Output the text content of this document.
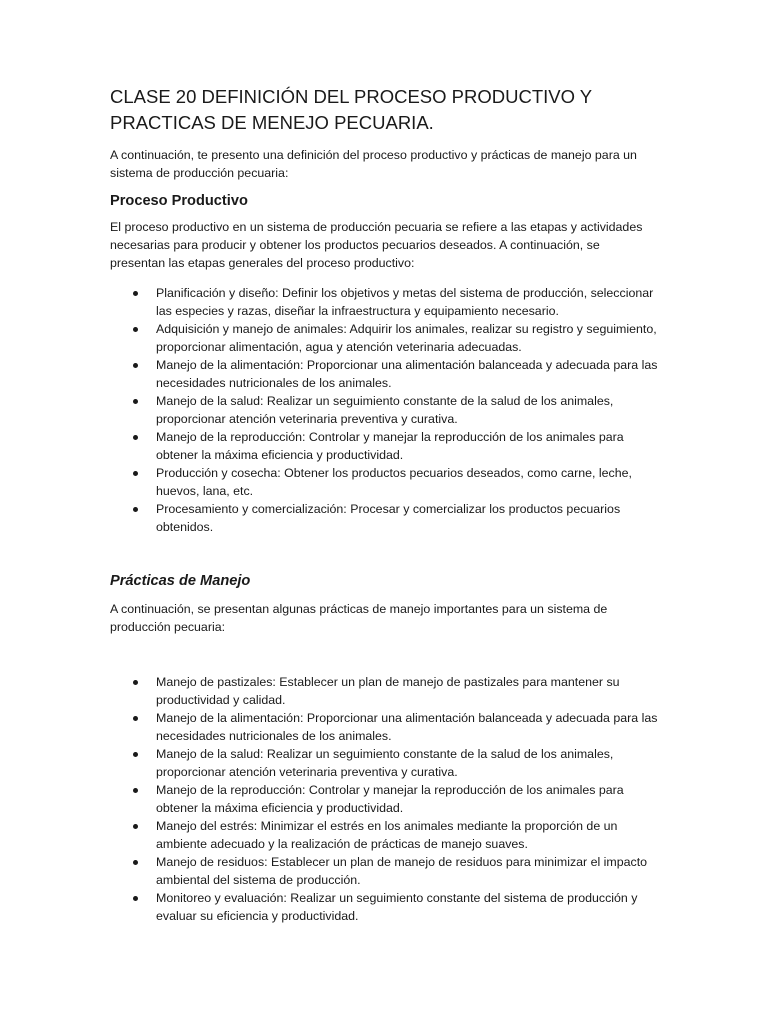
CLASE 20 DEFINICIÓN DEL PROCESO PRODUCTIVO Y PRACTICAS DE MENEJO PECUARIA.

A continuación, te presento una definición del proceso productivo y prácticas de manejo para un sistema de producción pecuaria:

Proceso Productivo

El proceso productivo en un sistema de producción pecuaria se refiere a las etapas y actividades necesarias para producir y obtener los productos pecuarios deseados. A continuación, se presentan las etapas generales del proceso productivo:

Planificación y diseño: Definir los objetivos y metas del sistema de producción, seleccionar las especies y razas, diseñar la infraestructura y equipamiento necesario.
Adquisición y manejo de animales: Adquirir los animales, realizar su registro y seguimiento, proporcionar alimentación, agua y atención veterinaria adecuadas.
Manejo de la alimentación: Proporcionar una alimentación balanceada y adecuada para las necesidades nutricionales de los animales.
Manejo de la salud: Realizar un seguimiento constante de la salud de los animales, proporcionar atención veterinaria preventiva y curativa.
Manejo de la reproducción: Controlar y manejar la reproducción de los animales para obtener la máxima eficiencia y productividad.
Producción y cosecha: Obtener los productos pecuarios deseados, como carne, leche, huevos, lana, etc.
Procesamiento y comercialización: Procesar y comercializar los productos pecuarios obtenidos.
Prácticas de Manejo

A continuación, se presentan algunas prácticas de manejo importantes para un sistema de producción pecuaria:

Manejo de pastizales: Establecer un plan de manejo de pastizales para mantener su productividad y calidad.
Manejo de la alimentación: Proporcionar una alimentación balanceada y adecuada para las necesidades nutricionales de los animales.
Manejo de la salud: Realizar un seguimiento constante de la salud de los animales, proporcionar atención veterinaria preventiva y curativa.
Manejo de la reproducción: Controlar y manejar la reproducción de los animales para obtener la máxima eficiencia y productividad.
Manejo del estrés: Minimizar el estrés en los animales mediante la proporción de un ambiente adecuado y la realización de prácticas de manejo suaves.
Manejo de residuos: Establecer un plan de manejo de residuos para minimizar el impacto ambiental del sistema de producción.
Monitoreo y evaluación: Realizar un seguimiento constante del sistema de producción y evaluar su eficiencia y productividad.
